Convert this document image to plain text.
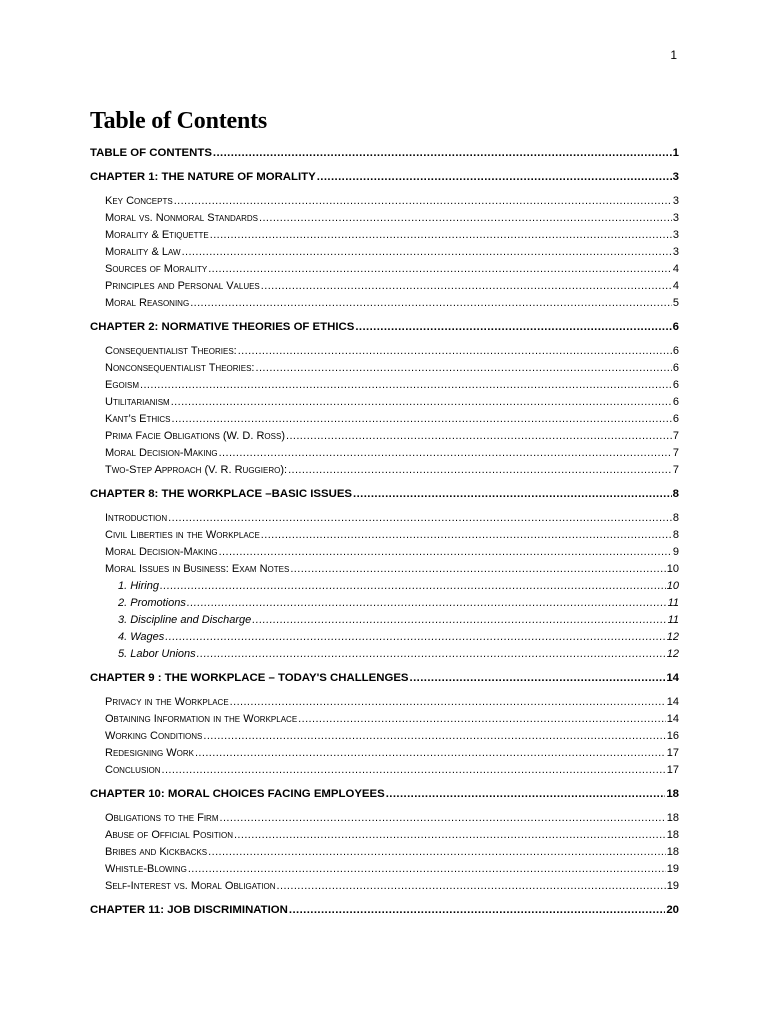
1
Table of Contents
TABLE OF CONTENTS .....	1
CHAPTER 1: THE NATURE OF MORALITY .....	3
Key Concepts .....	3
Moral vs. Nonmoral Standards .....	3
Morality & Etiquette .....	3
Morality & Law .....	3
Sources of Morality .....	4
Principles and Personal Values .....	4
Moral Reasoning .....	5
CHAPTER 2: NORMATIVE THEORIES OF ETHICS .....	6
Consequentialist Theories: .....	6
Nonconsequentialist Theories: .....	6
Egoism .....	6
Utilitarianism .....	6
Kant’s Ethics .....	6
Prima Facie Obligations (W. D. Ross) .....	7
Moral Decision-Making .....	7
Two-Step Approach (V. R. Ruggiero): .....	7
CHAPTER 8: THE WORKPLACE –BASIC ISSUES .....	8
Introduction .....	8
Civil Liberties in the Workplace .....	8
Moral Decision-Making .....	9
Moral Issues in Business: Exam Notes .....	10
1. Hiring .....	10
2. Promotions .....	11
3. Discipline and Discharge .....	11
4. Wages .....	12
5. Labor Unions .....	12
CHAPTER 9 : THE WORKPLACE – TODAY'S CHALLENGES .....	14
Privacy in the Workplace .....	14
Obtaining Information in the Workplace .....	14
Working Conditions .....	16
Redesigning Work .....	17
Conclusion .....	17
CHAPTER 10: MORAL CHOICES FACING EMPLOYEES .....	18
Obligations to the Firm .....	18
Abuse of Official Position .....	18
Bribes and Kickbacks .....	18
Whistle-Blowing .....	19
Self-Interest vs. Moral Obligation .....	19
CHAPTER 11: JOB DISCRIMINATION .....	20
